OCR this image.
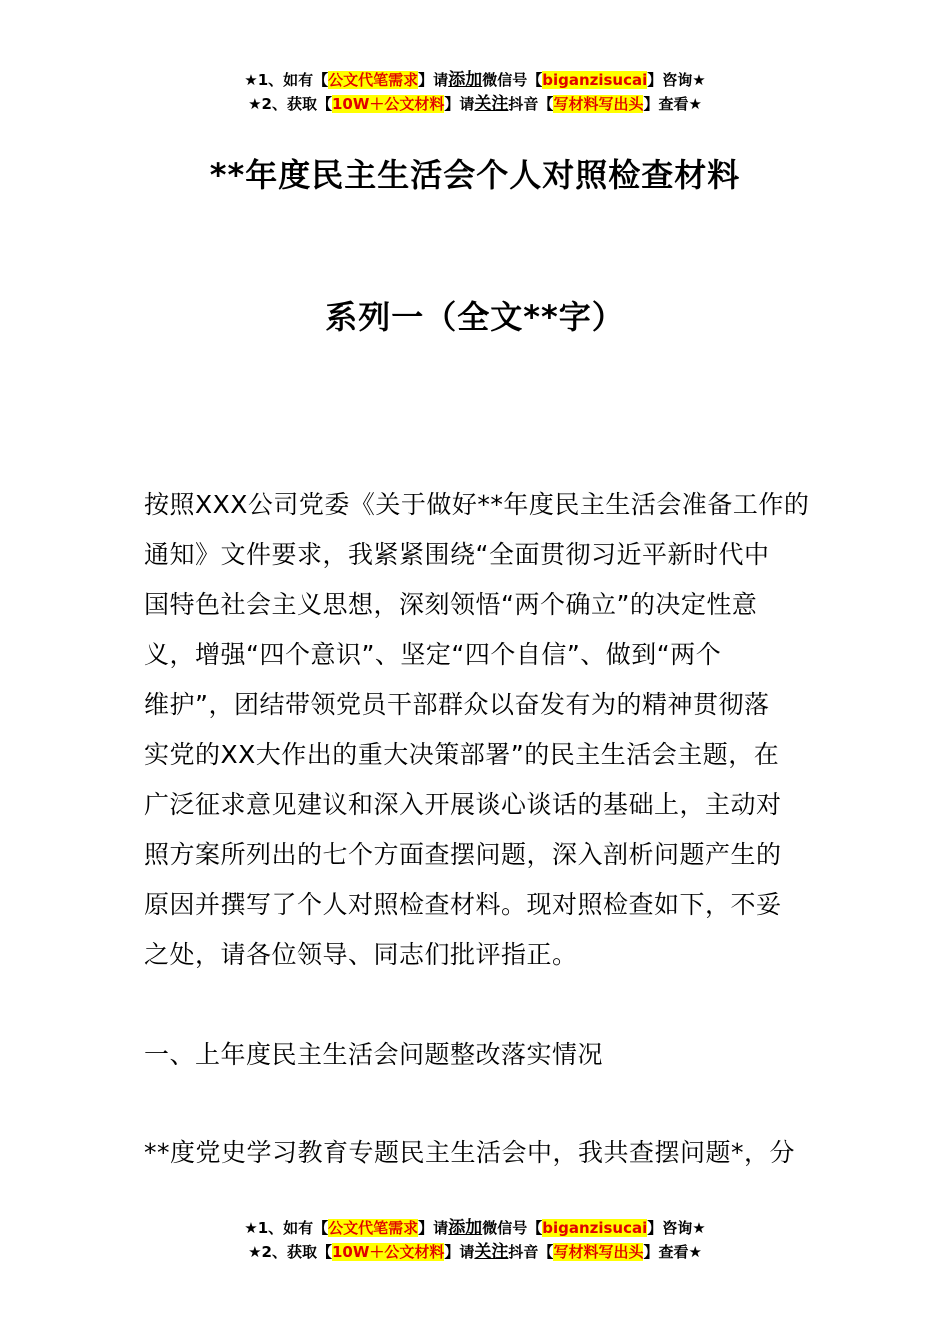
★1、如有【公文代笔需求】请添加微信号【biganzisucai】咨询★
★2、获取【10W＋公文材料】请关注抖音【写材料写出头】查看★
**年度民主生活会个人对照检查材料
系列一（全文**字）
按照XXX公司党委《关于做好**年度民主生活会准备工作的
通知》文件要求，我紧紧围绕“全面贯彻习近平新时代中
国特色社会主义思想，深刻领悟“两个确立”的决定性意
义，增强“四个意识”、坚定“四个自信”、做到“两个
维护”，团结带领党员干部群众以奋发有为的精神贯彻落
实党的XX大作出的重大决策部署”的民主生活会主题，在
广泛征求意见建议和深入开展谈心谈话的基础上，主动对
照方案所列出的七个方面查摆问题，深入剖析问题产生的
原因并撰写了个人对照检查材料。现对照检查如下，不妥
之处，请各位领导、同志们批评指正。
一、上年度民主生活会问题整改落实情况
**度党史学习教育专题民主生活会中，我共查摆问题*，分
★1、如有【公文代笔需求】请添加微信号【biganzisucai】咨询★
★2、获取【10W＋公文材料】请关注抖音【写材料写出头】查看★
